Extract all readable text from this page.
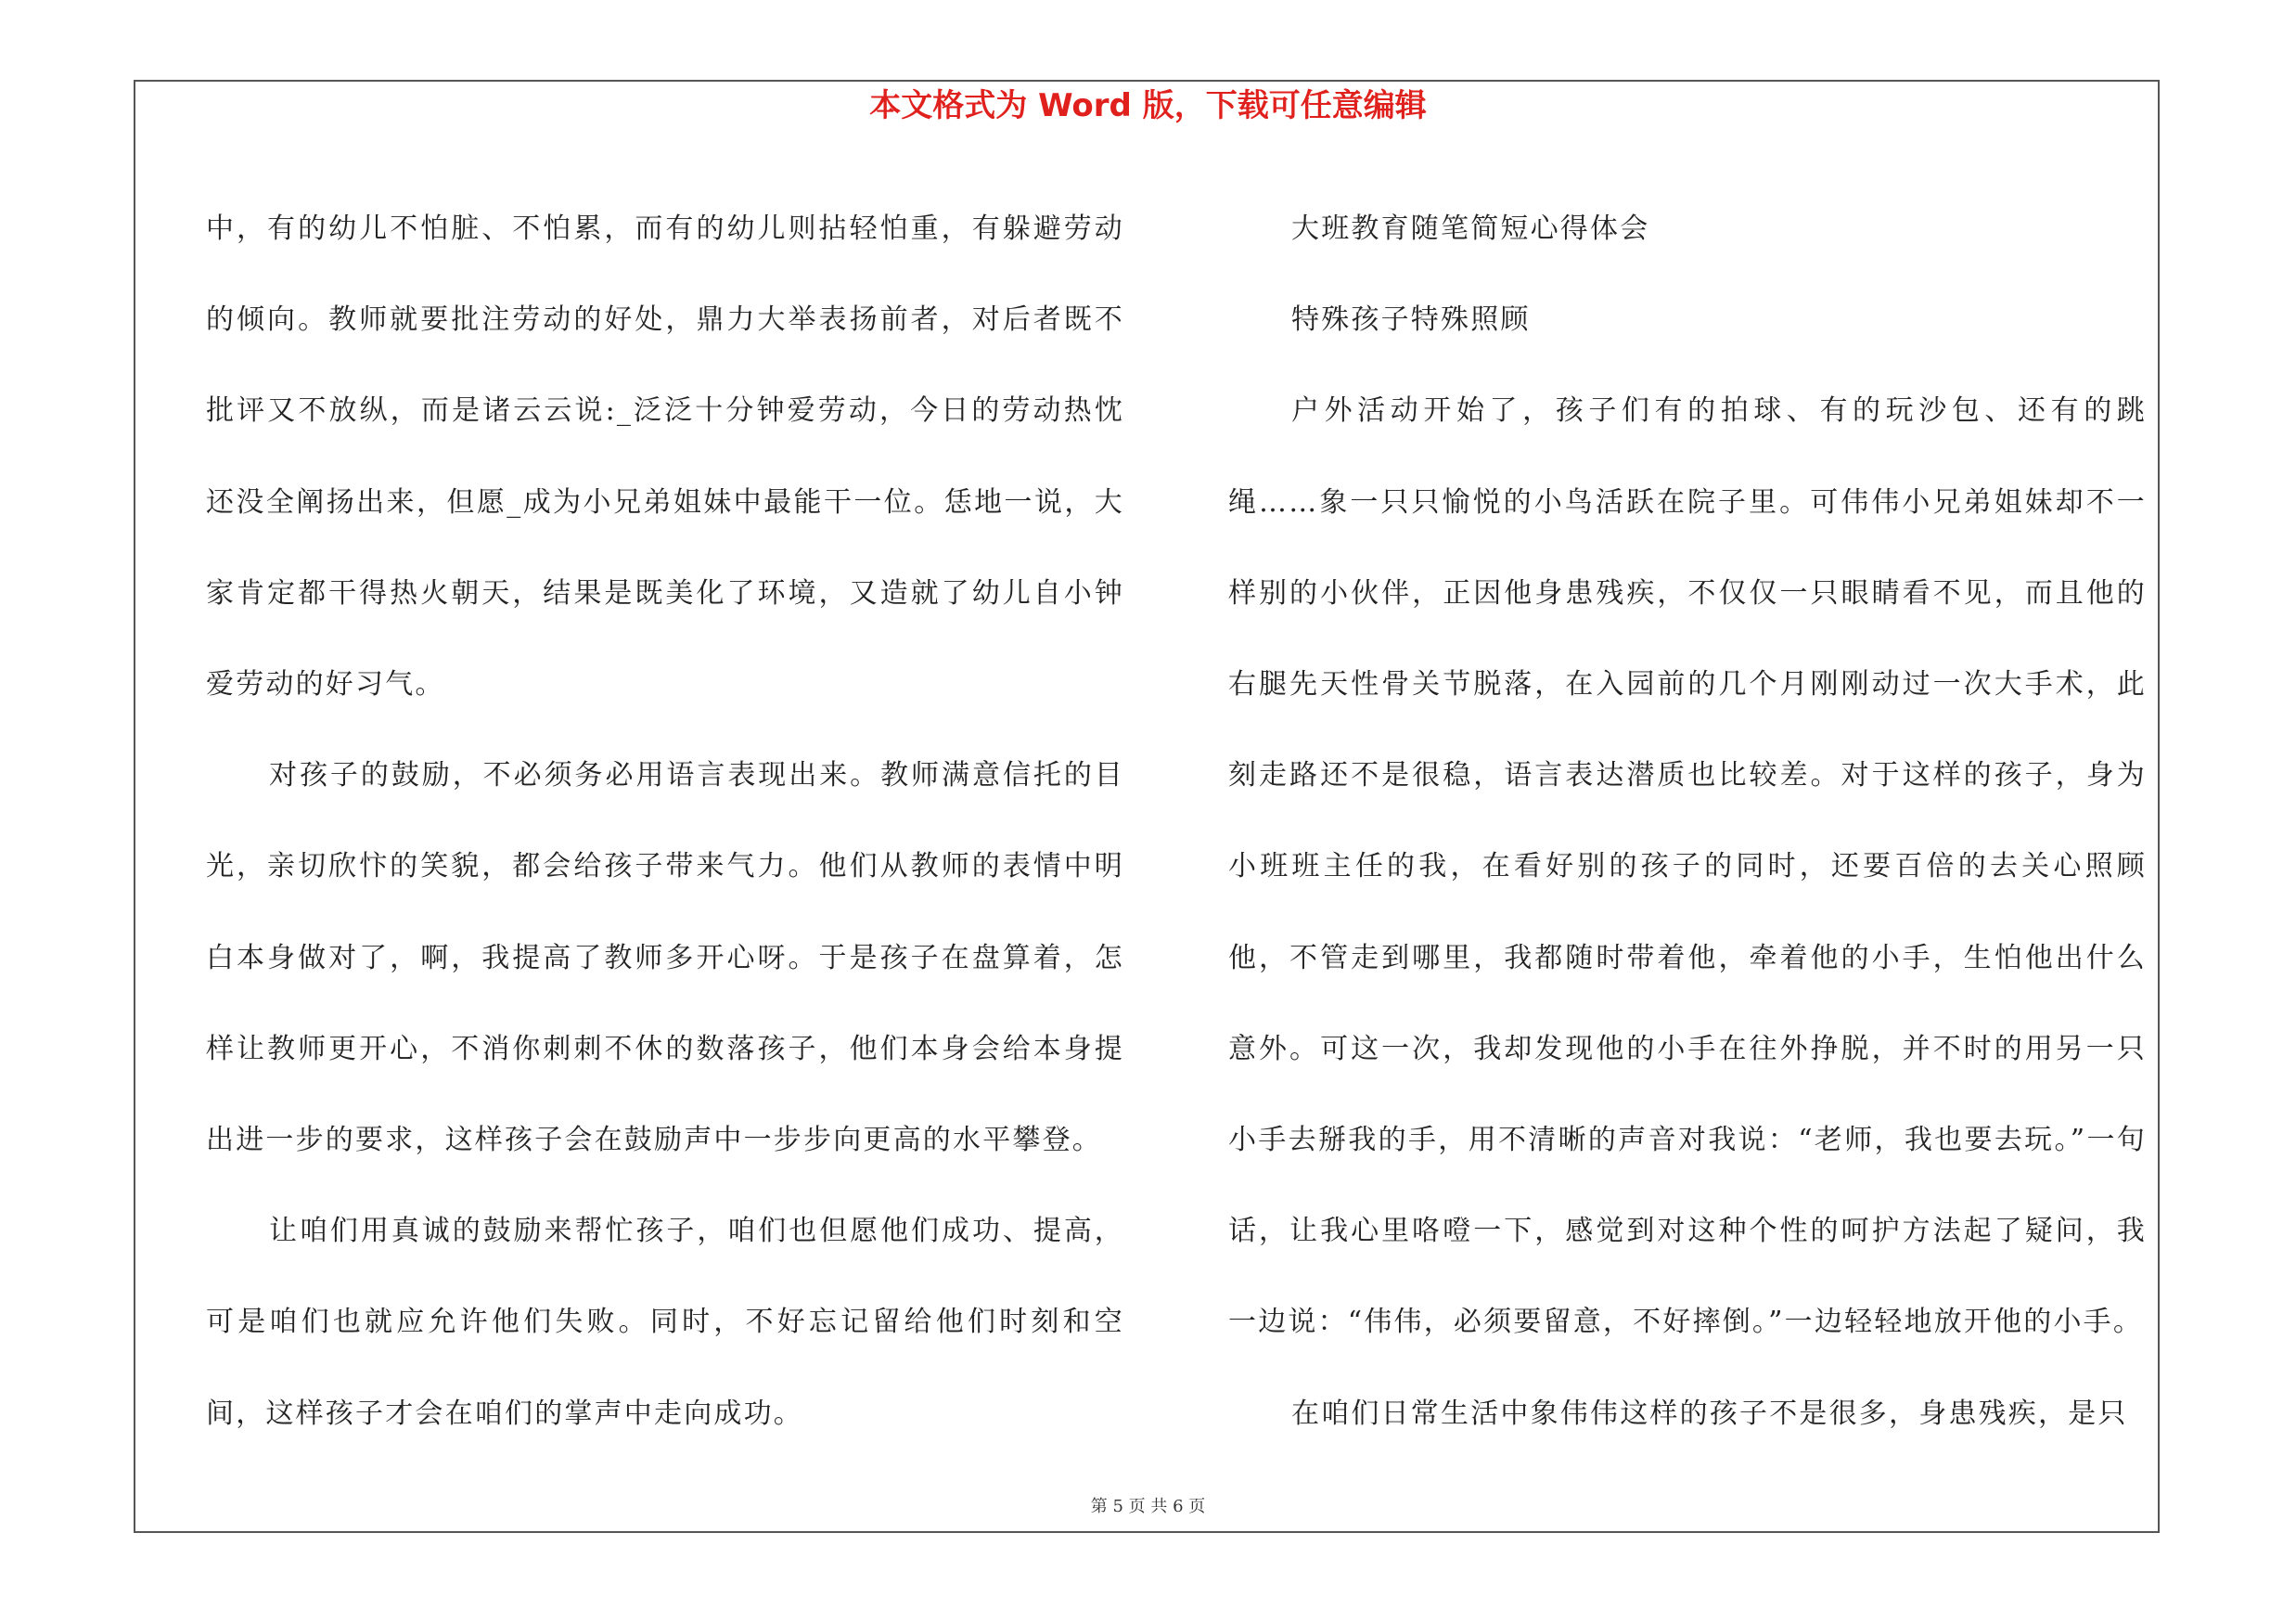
本文格式为 Word 版，下载可任意编辑

中，有的幼儿不怕脏、不怕累，而有的幼儿则拈轻怕重，有躲避劳动的倾向。教师就要批注劳动的好处，鼎力大举表扬前者，对后者既不批评又不放纵，而是诸云云说:_泛泛十分钟爱劳动，今日的劳动热忱还没全阐扬出来，但愿_成为小兄弟姐妹中最能干一位。恁地一说，大家肯定都干得热火朝天，结果是既美化了环境，又造就了幼儿自小钟爱劳动的好习气。

对孩子的鼓励，不必须务必用语言表现出来。教师满意信托的目光，亲切欣忭的笑貌，都会给孩子带来气力。他们从教师的表情中明白本身做对了，啊，我提高了教师多开心呀。于是孩子在盘算着，怎样让教师更开心，不消你刺刺不休的数落孩子，他们本身会给本身提出进一步的要求，这样孩子会在鼓励声中一步步向更高的水平攀登。

让咱们用真诚的鼓励来帮忙孩子，咱们也但愿他们成功、提高，可是咱们也就应允许他们失败。同时，不好忘记留给他们时刻和空间，这样孩子才会在咱们的掌声中走向成功。

大班教育随笔简短心得体会

特殊孩子特殊照顾

户外活动开始了，孩子们有的拍球、有的玩沙包、还有的跳绳……象一只只愉悦的小鸟活跃在院子里。可伟伟小兄弟姐妹却不一样别的小伙伴，正因他身患残疾，不仅仅一只眼睛看不见，而且他的右腿先天性骨关节脱落，在入园前的几个月刚刚动过一次大手术，此刻走路还不是很稳，语言表达潜质也比较差。对于这样的孩子，身为小班班主任的我，在看好别的孩子的同时，还要百倍的去关心照顾他，不管走到哪里，我都随时带着他，牵着他的小手，生怕他出什么意外。可这一次，我却发现他的小手在往外挣脱，并不时的用另一只小手去掰我的手，用不清晰的声音对我说：“老师，我也要去玩。”一句话，让我心里咯噔一下，感觉到对这种个性的呵护方法起了疑问，我一边说：“伟伟，必须要留意，不好摔倒。”一边轻轻地放开他的小手。

在咱们日常生活中象伟伟这样的孩子不是很多，身患残疾，是只

第 5 页 共 6 页
